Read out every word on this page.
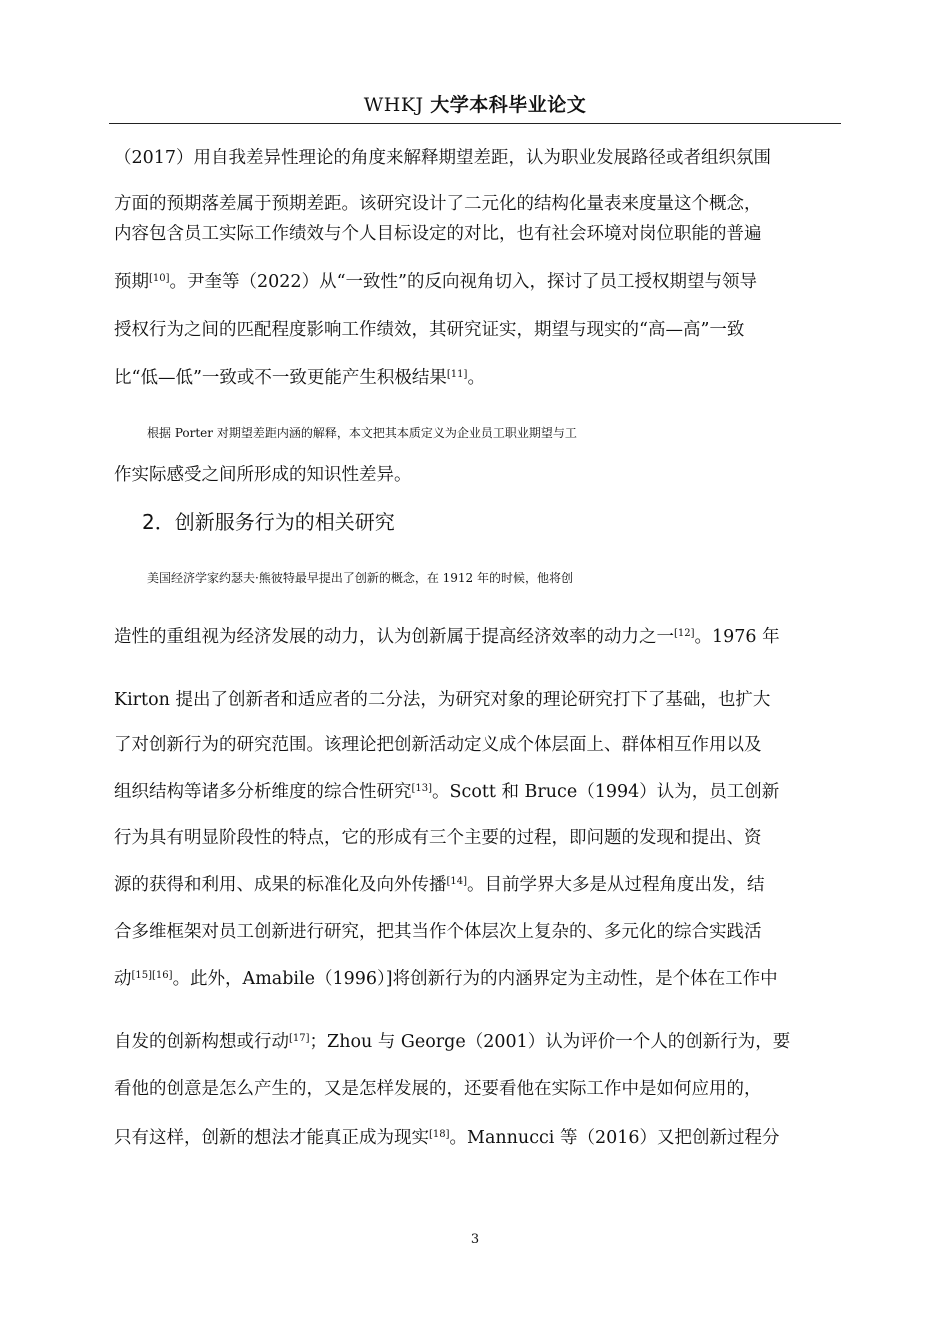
WHKJ 大学本科毕业论文
（2017）用自我差异性理论的角度来解释期望差距，认为职业发展路径或者组织氛围
方面的预期落差属于预期差距。该研究设计了二元化的结构化量表来度量这个概念，
内容包含员工实际工作绩效与个人目标设定的对比，也有社会环境对岗位职能的普遍
预期[10]。尹奎等（2022）从“一致性”的反向视角切入，探讨了员工授权期望与领导
授权行为之间的匹配程度影响工作绩效，其研究证实，期望与现实的“高—高”一致
比“低—低”一致或不一致更能产生积极结果[11]。
根据 Porter 对期望差距内涵的解释，本文把其本质定义为企业员工职业期望与工
作实际感受之间所形成的知识性差异。
2．创新服务行为的相关研究
美国经济学家约瑟夫·熊彼特最早提出了创新的概念，在 1912 年的时候，他将创
造性的重组视为经济发展的动力，认为创新属于提高经济效率的动力之一[12]。1976 年
Kirton 提出了创新者和适应者的二分法，为研究对象的理论研究打下了基础，也扩大
了对创新行为的研究范围。该理论把创新活动定义成个体层面上、群体相互作用以及
组织结构等诸多分析维度的综合性研究[13]。Scott 和 Bruce（1994）认为，员工创新
行为具有明显阶段性的特点，它的形成有三个主要的过程，即问题的发现和提出、资
源的获得和利用、成果的标准化及向外传播[14]。目前学界大多是从过程角度出发，结
合多维框架对员工创新进行研究，把其当作个体层次上复杂的、多元化的综合实践活
动[15][16]。此外，Amabile（1996）]将创新行为的内涵界定为主动性，是个体在工作中
自发的创新构想或行动[17]；Zhou 与 George（2001）认为评价一个人的创新行为，要
看他的创意是怎么产生的，又是怎样发展的，还要看他在实际工作中是如何应用的，
只有这样，创新的想法才能真正成为现实[18]。Mannucci 等（2016）又把创新过程分
3
